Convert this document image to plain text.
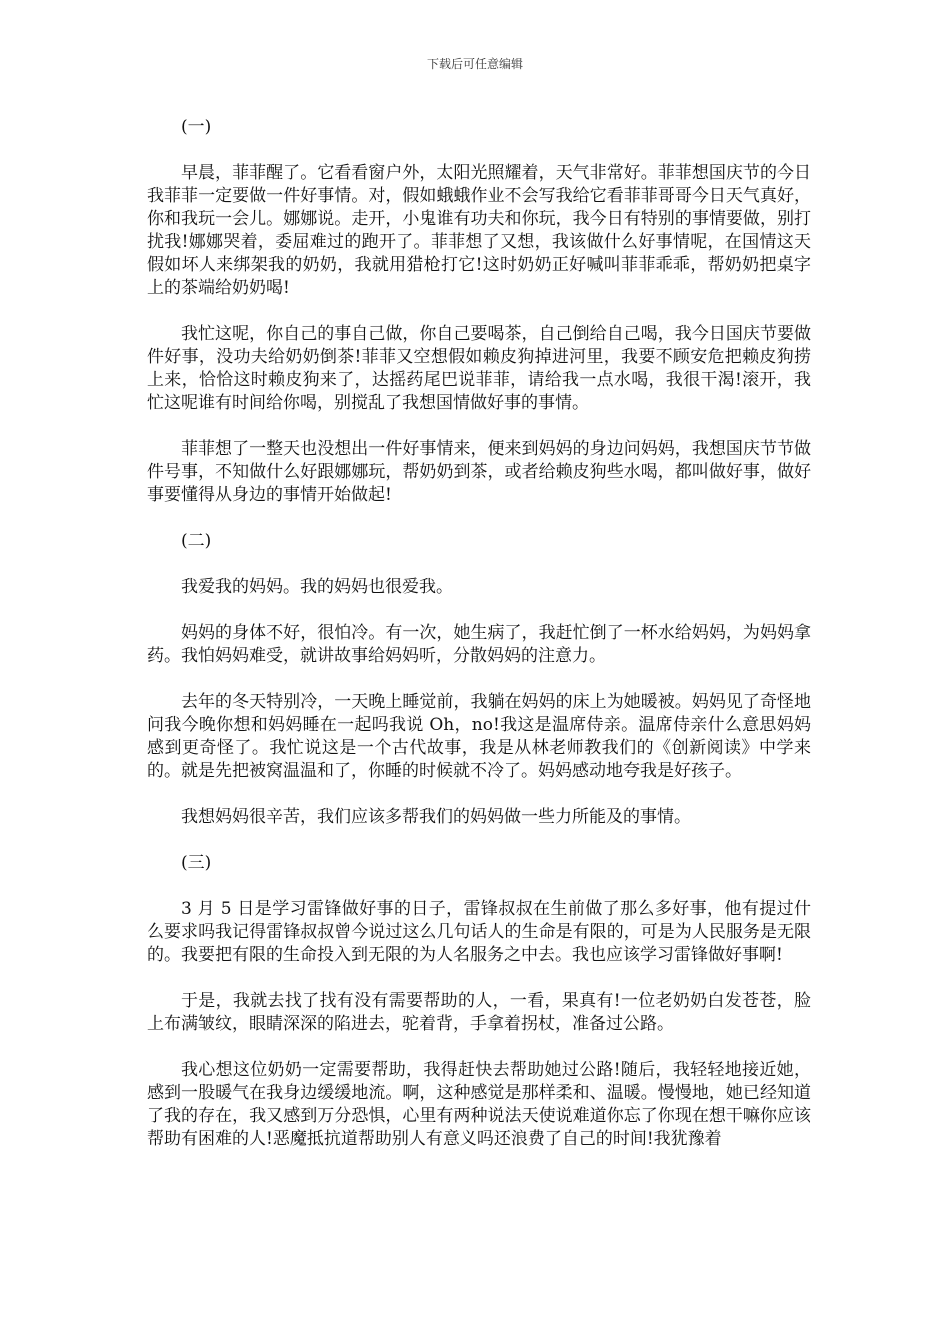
下载后可任意编辑

(一)

早晨，菲菲醒了。它看看窗户外，太阳光照耀着，天气非常好。菲菲想国庆节的今日我菲菲一定要做一件好事情。对，假如蛾蛾作业不会写我给它看菲菲哥哥今日天气真好，你和我玩一会儿。娜娜说。走开，小鬼谁有功夫和你玩，我今日有特别的事情要做，别打扰我!娜娜哭着，委屈难过的跑开了。菲菲想了又想，我该做什么好事情呢，在国情这天假如坏人来绑架我的奶奶，我就用猎枪打它!这时奶奶正好喊叫菲菲乖乖，帮奶奶把桌字上的茶端给奶奶喝!

我忙这呢，你自己的事自己做，你自己要喝茶，自己倒给自己喝，我今日国庆节要做件好事，没功夫给奶奶倒茶!菲菲又空想假如赖皮狗掉进河里，我要不顾安危把赖皮狗捞上来，恰恰这时赖皮狗来了，达摇药尾巴说菲菲，请给我一点水喝，我很干渴!滚开，我忙这呢谁有时间给你喝，别搅乱了我想国情做好事的事情。

菲菲想了一整天也没想出一件好事情来，便来到妈妈的身边问妈妈，我想国庆节节做件号事，不知做什么好跟娜娜玩，帮奶奶到茶，或者给赖皮狗些水喝，都叫做好事，做好事要懂得从身边的事情开始做起!

(二)

我爱我的妈妈。我的妈妈也很爱我。

妈妈的身体不好，很怕冷。有一次，她生病了，我赶忙倒了一杯水给妈妈，为妈妈拿药。我怕妈妈难受，就讲故事给妈妈听，分散妈妈的注意力。

去年的冬天特别冷，一天晚上睡觉前，我躺在妈妈的床上为她暖被。妈妈见了奇怪地问我今晚你想和妈妈睡在一起吗我说 Oh，no!我这是温席侍亲。温席侍亲什么意思妈妈感到更奇怪了。我忙说这是一个古代故事，我是从林老师教我们的《创新阅读》中学来的。就是先把被窝温温和了，你睡的时候就不冷了。妈妈感动地夸我是好孩子。

我想妈妈很辛苦，我们应该多帮我们的妈妈做一些力所能及的事情。

(三)

3 月 5 日是学习雷锋做好事的日子，雷锋叔叔在生前做了那么多好事，他有提过什么要求吗我记得雷锋叔叔曾今说过这么几句话人的生命是有限的，可是为人民服务是无限的。我要把有限的生命投入到无限的为人名服务之中去。我也应该学习雷锋做好事啊!

于是，我就去找了找有没有需要帮助的人，一看，果真有!一位老奶奶白发苍苍，脸上布满皱纹，眼睛深深的陷进去，驼着背，手拿着拐杖，准备过公路。

我心想这位奶奶一定需要帮助，我得赶快去帮助她过公路!随后，我轻轻地接近她，感到一股暖气在我身边缓缓地流。啊，这种感觉是那样柔和、温暖。慢慢地，她已经知道了我的存在，我又感到万分恐惧，心里有两种说法天使说难道你忘了你现在想干嘛你应该帮助有困难的人!恶魔抵抗道帮助别人有意义吗还浪费了自己的时间!我犹豫着
